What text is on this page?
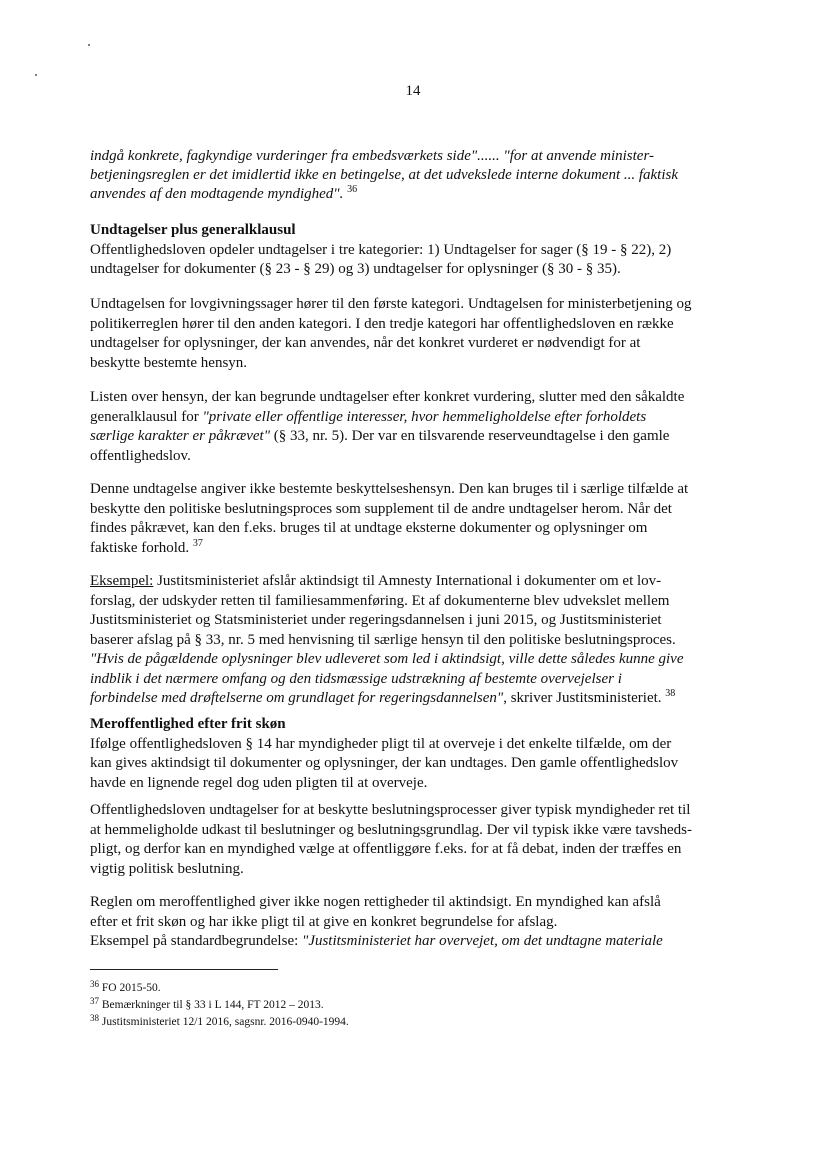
14
indgå konkrete, fagkyndige vurderinger fra embedsværkets side"...... "for at anvende minister-
betjeningsreglen er det imidlertid ikke en betingelse, at det udvekslede interne dokument ... faktisk
anvendes af den modtagende myndighed". $^{36}$
Undtagelser plus generalklausul
Offentlighedsloven opdeler undtagelser i tre kategorier: 1) Undtagelser for sager (§ 19 - § 22), 2)
undtagelser for dokumenter (§ 23 - § 29) og 3) undtagelser for oplysninger (§ 30 - § 35).
Undtagelsen for lovgivningssager hører til den første kategori. Undtagelsen for ministerbetjening og
politikerreglen hører til den anden kategori. I den tredje kategori har offentlighedsloven en række
undtagelser for oplysninger, der kan anvendes, når det konkret vurderet er nødvendigt for at
beskytte bestemte hensyn.
Listen over hensyn, der kan begrunde undtagelser efter konkret vurdering, slutter med den såkaldte
generalklausul for "private eller offentlige interesser, hvor hemmeligholdelse efter forholdets
særlige karakter er påkrævet" (§ 33, nr. 5). Der var en tilsvarende reserveundtagelse i den gamle
offentlighedslov.
Denne undtagelse angiver ikke bestemte beskyttelseshensyn. Den kan bruges til i særlige tilfælde at
beskytte den politiske beslutningsproces som supplement til de andre undtagelser herom. Når det
findes påkrævet, kan den f.eks. bruges til at undtage eksterne dokumenter og oplysninger om
faktiske forhold. $^{37}$
Eksempel: Justitsministeriet afslår aktindsigt til Amnesty International i dokumenter om et lov-
forslag, der udskyder retten til familiesammenføring. Et af dokumenterne blev udvekslet mellem
Justitsministeriet og Statsministeriet under regeringsdannelsen i juni 2015, og Justitsministeriet
baserer afslag på § 33, nr. 5 med henvisning til særlige hensyn til den politiske beslutningsproces.
"Hvis de pågældende oplysninger blev udleveret som led i aktindsigt, ville dette således kunne give
indblik i det nærmere omfang og den tidsmæssige udstrækning af bestemte overvejelser i
forbindelse med drøftelserne om grundlaget for regeringsdannelsen", skriver Justitsministeriet. $^{38}$
Meroffentlighed efter frit skøn
Ifølge offentlighedsloven § 14 har myndigheder pligt til at overveje i det enkelte tilfælde, om der
kan gives aktindsigt til dokumenter og oplysninger, der kan undtages. Den gamle offentlighedslov
havde en lignende regel dog uden pligten til at overveje.
Offentlighedsloven undtagelser for at beskytte beslutningsprocesser giver typisk myndigheder ret til
at hemmeligholde udkast til beslutninger og beslutningsgrundlag. Der vil typisk ikke være tavsheds-
pligt, og derfor kan en myndighed vælge at offentliggøre f.eks. for at få debat, inden der træffes en
vigtig politisk beslutning.
Reglen om meroffentlighed giver ikke nogen rettigheder til aktindsigt. En myndighed kan afslå
efter et frit skøn og har ikke pligt til at give en konkret begrundelse for afslag.
Eksempel på standardbegrundelse: "Justitsministeriet har overvejet, om det undtagne materiale
$^{36}$ FO 2015-50.
$^{37}$ Bemærkninger til § 33 i L 144, FT 2012 – 2013.
$^{38}$ Justitsministeriet 12/1 2016, sagsnr. 2016-0940-1994.
